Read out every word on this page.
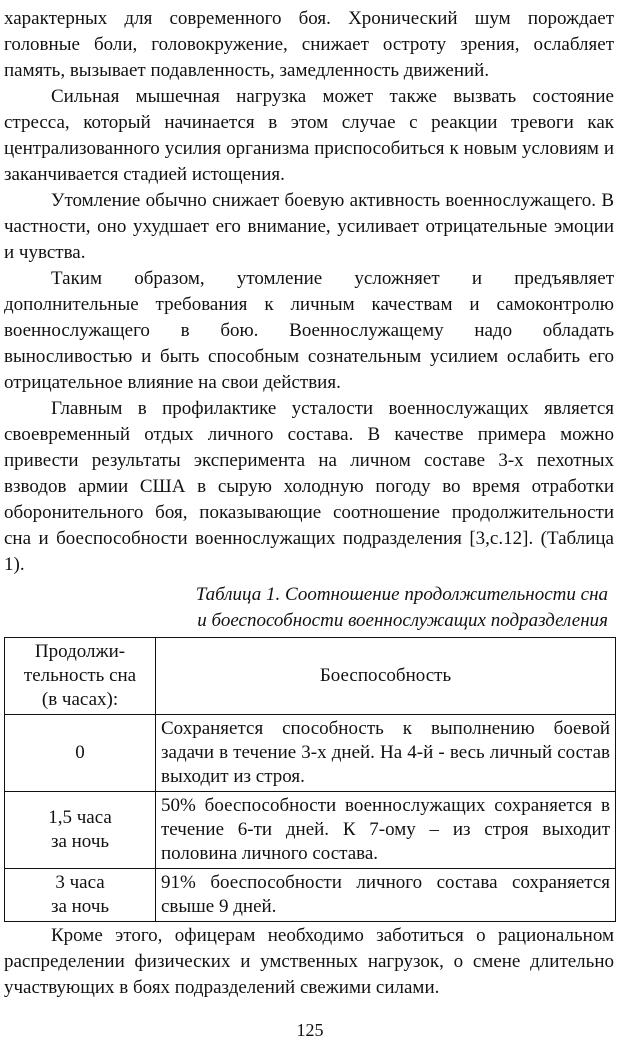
характерных для современного боя. Хронический шум порождает головные боли, головокружение, снижает остроту зрения, ослабляет память, вызывает подавленность, замедленность движений.

Сильная мышечная нагрузка может также вызвать состояние стресса, который начинается в этом случае с реакции тревоги как централизованного усилия организма приспособиться к новым условиям и заканчивается стадией истощения.

Утомление обычно снижает боевую активность военнослужащего. В частности, оно ухудшает его внимание, усиливает отрицательные эмоции и чувства.

Таким образом, утомление усложняет и предъявляет дополнительные требования к личным качествам и самоконтролю военнослужащего в бою. Военнослужащему надо обладать выносливостью и быть способным сознательным усилием ослабить его отрицательное влияние на свои действия.

Главным в профилактике усталости военнослужащих является своевременный отдых личного состава. В качестве примера можно привести результаты эксперимента на личном составе 3-х пехотных взводов армии США в сырую холодную погоду во время отработки оборонительного боя, показывающие соотношение продолжительности сна и боеспособности военнослужащих подразделения [3,с.12]. (Таблица 1).

Таблица 1. Соотношение продолжительности сна
и боеспособности военнослужащих подразделения
Продолжи-
тельность сна
(в часах):	Боеспособность
0	Сохраняется способность к выполнению боевой задачи в течение 3-х дней. На 4-й - весь личный состав выходит из строя.
1,5 часа
за ночь	50% боеспособности военнослужащих сохраняется в течение 6-ти дней. К 7-ому – из строя выходит половина личного состава.
3 часа
за ночь	91% боеспособности личного состава сохраняется свыше 9 дней.

Кроме этого, офицерам необходимо заботиться о рациональном распределении физических и умственных нагрузок, о смене длительно участвующих в боях подразделений свежими силами.

125
